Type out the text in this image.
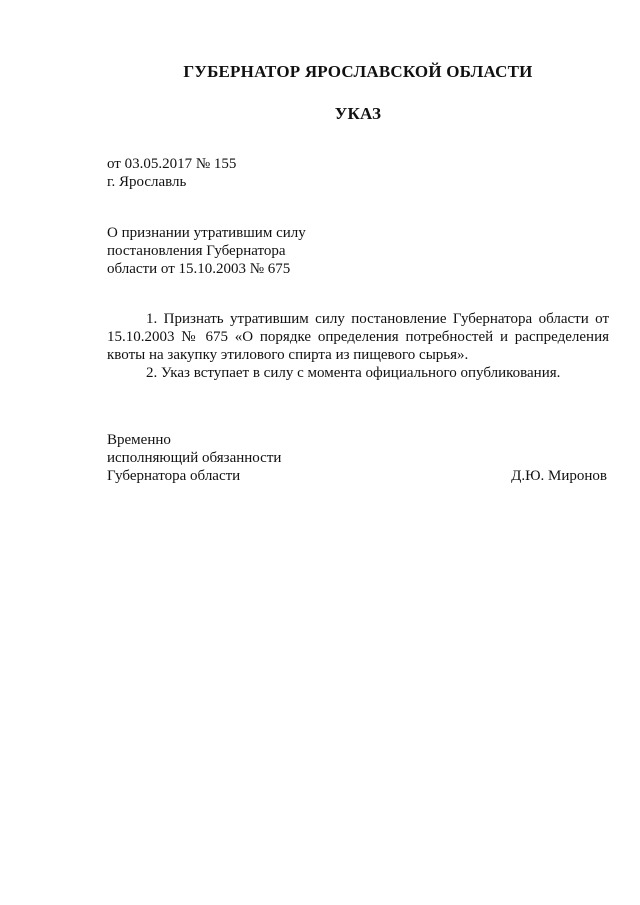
ГУБЕРНАТОР ЯРОСЛАВСКОЙ ОБЛАСТИ
УКАЗ
от 03.05.2017 № 155
г. Ярославль
О признании утратившим силу
постановления Губернатора
области от 15.10.2003 № 675

1. Признать утратившим силу постановление Губернатора области от 15.10.2003 № 675 «О порядке определения потребностей и распределения квоты на закупку этилового спирта из пищевого сырья».

2. Указ вступает в силу с момента официального опубликования.

Временно
исполняющий обязанности
Губернатора области	Д.Ю. Миронов
